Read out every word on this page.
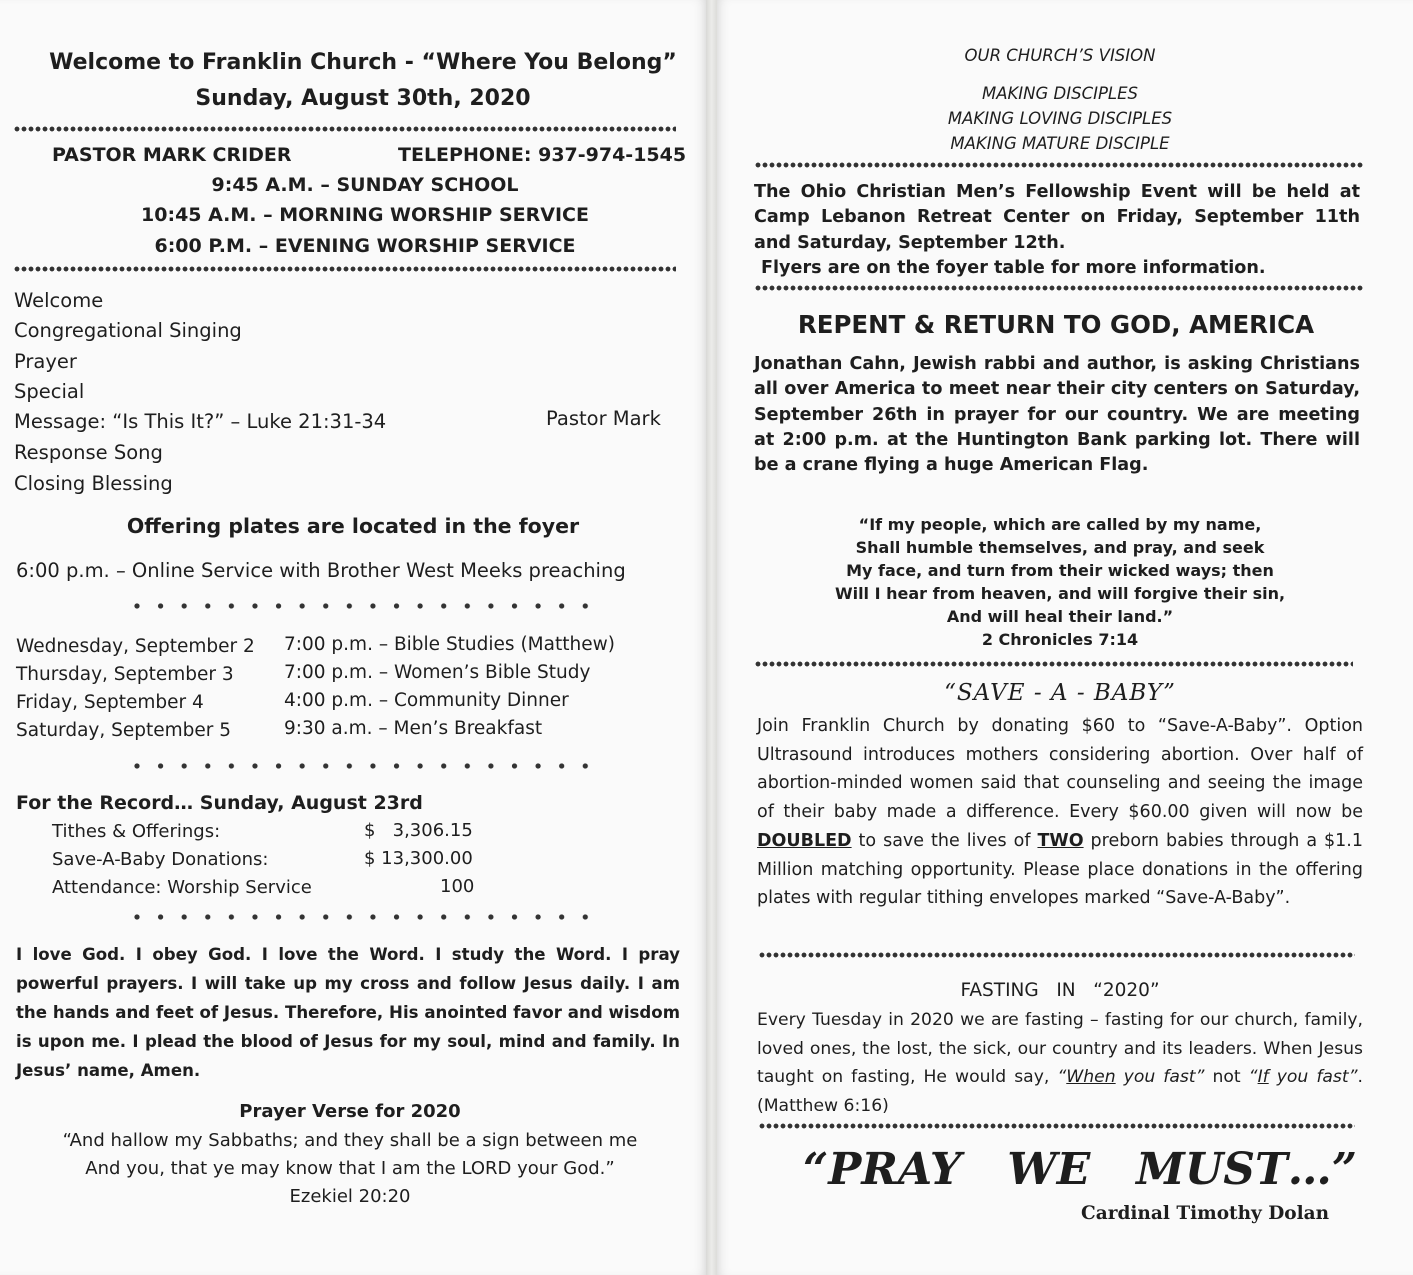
Welcome to Franklin Church - “Where You Belong”
Sunday, August 30th, 2020
PASTOR MARK CRIDER	TELEPHONE: 937-974-1545
9:45 A.M. – SUNDAY SCHOOL
10:45 A.M. – MORNING WORSHIP SERVICE
6:00 P.M. – EVENING WORSHIP SERVICE
Welcome
Congregational Singing
Prayer
Special
Message: “Is This It?” – Luke 21:31-34	Pastor Mark
Response Song
Closing Blessing
Offering plates are located in the foyer
6:00 p.m. – Online Service with Brother West Meeks preaching
Wednesday, September 2 7:00 p.m. – Bible Studies (Matthew)
Thursday, September 3	7:00 p.m. – Women’s Bible Study
Friday, September 4	4:00 p.m. – Community Dinner
Saturday, September 5	9:30 a.m. – Men’s Breakfast
For the Record… Sunday, August 23rd
Tithes & Offerings:	$   3,306.15
Save-A-Baby Donations:	$ 13,300.00
Attendance: Worship Service	100
I love God. I obey God. I love the Word. I study the Word. I pray powerful prayers. I will take up my cross and follow Jesus daily. I am the hands and feet of Jesus. Therefore, His anointed favor and wisdom is upon me. I plead the blood of Jesus for my soul, mind and family. In Jesus’ name, Amen.
Prayer Verse for 2020
“And hallow my Sabbaths; and they shall be a sign between me
And you, that ye may know that I am the LORD your God.”
Ezekiel 20:20
OUR CHURCH’S VISION
MAKING DISCIPLES
MAKING LOVING DISCIPLES
MAKING MATURE DISCIPLE
The Ohio Christian Men’s Fellowship Event will be held at Camp Lebanon Retreat Center on Friday, September 11th and Saturday, September 12th.
Flyers are on the foyer table for more information.
REPENT & RETURN TO GOD, AMERICA
Jonathan Cahn, Jewish rabbi and author, is asking Christians all over America to meet near their city centers on Saturday, September 26th in prayer for our country. We are meeting at 2:00 p.m. at the Huntington Bank parking lot. There will be a crane flying a huge American Flag.
“If my people, which are called by my name,
Shall humble themselves, and pray, and seek
My face, and turn from their wicked ways; then
Will I hear from heaven, and will forgive their sin,
And will heal their land.”
2 Chronicles 7:14
“SAVE - A - BABY”
Join Franklin Church by donating $60 to “Save-A-Baby”. Option Ultrasound introduces mothers considering abortion. Over half of abortion-minded women said that counseling and seeing the image of their baby made a difference. Every $60.00 given will now be DOUBLED to save the lives of TWO preborn babies through a $1.1 Million matching opportunity. Please place donations in the offering plates with regular tithing envelopes marked “Save-A-Baby”.
FASTING   IN   “2020”
Every Tuesday in 2020 we are fasting – fasting for our church, family, loved ones, the lost, the sick, our country and its leaders. When Jesus taught on fasting, He would say, “When you fast” not “If you fast”. (Matthew 6:16)
“PRAY   WE   MUST…”
Cardinal Timothy Dolan
